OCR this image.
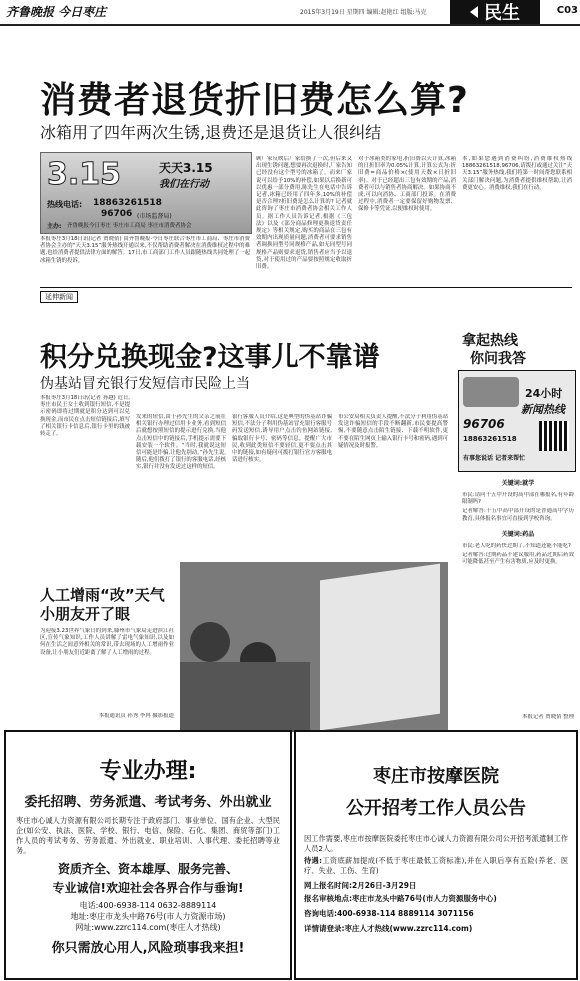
齐鲁晚报 今日枣庄	2015年3月19日 星期四 编辑:赵艳红 组版:马克	民生	C03
消费者退货折旧费怎么算?
冰箱用了四年两次生锈,退费还是退货让人很纠结
3.15	天天3.15
我们在行动
热线电话: 18863261518
96706 (市场监督局)
主办: 齐鲁晚报今日枣庄 枣庄市工商局 枣庄市消费者协会
本报枣庄3月18日讯(记者 贾晓倩) 由齐鲁晚报·今日枣庄联合枣庄市工商局、枣庄市消费者协会主办的“天天3.15”服务热线开通以来,不仅帮助消费者解决在消费维权过程中的难题,也给消费者提供法律方面的解答。17日,市工商部门工作人员跟随热线共同处理了一起冰箱生锈的投诉。
顾厂家反映后厂家给换了一次,但后来又出现生锈问题,想要再次退换时,厂家告知已经没有这个型号的冰箱了。而来厂家说可以给予10%的补偿,如果以后换新可以优惠一部分费用,陈先生在电话中告诉记者,冰箱已经用了四年多,10%的补偿是否合理?折旧费是怎么计算的? 记者就此咨询了枣庄市消费者协会相关工作人员。据工作人员告诉记者,根据《三包法》以及《部分商品修理更换退货责任规定》等相关规定,购买的商品在三包有效期内出现质量问题,消费者可要求销售者调换同型号同规格产品,如无同型号同规格产品则要求退货,销售者应当予以退货,对于使用过的产品要按照规定收取折旧费。
对于冰箱类的家电,折旧费以天计算,冰箱的日折旧率为0.05%计算,计算公式为:折旧费=商品价格×(使用天数×日折旧率)。对于已经超出三包有效期的产品,消费者可以与销售者协商解决。如果协商不成,可以向消协、工商部门投诉。在消费过程中,消费者一定要保留好购物发票、保修卡等凭证,以便维权时使用。
本,如果您遇到消费纠纷,消费维权热线18863261518,96706,请拨打或通过关注“天天3.15”服务热线,我们将第一时间帮您联系相关部门解决问题,为消费者提供维权帮助,让消费更安心。消费维权,我们在行动。
延伸新闻
积分兑换现金?这事儿不靠谱
伪基站冒充银行发短信市民险上当
本报枣庄3月18日讯(记者 孙越) 近日,枣庄市民王女士收到银行短信,不是提示密码即将过期就是积分达到可以兑换现金,而市民在点击短信链接后,填写了相关银行卡信息后,银行卡里的钱被转走了。
发来的短信,由于孙先生的父亲之前在相关银行办理过信用卡业务,看到短信后就想按照短信的提示进行兑换,当他点击短信中的链接后,手机提示需要下载安装一个软件。“当时,我就说这短信可能是诈骗,让他先别动。”孙先生说,随后,他们拨打了银行的客服电话,经核实,银行并没有发送过这样的短信。
银行客服人员介绍,这是典型的伪基站诈骗短信,不法分子利用伪基站冒充银行客服号码发送短信,诱导用户点击钓鱼网站链接,骗取银行卡号、密码等信息。提醒广大市民,收到此类短信不要轻信,更不要点击其中的链接,如有疑问可拨打银行官方客服电话进行核实。
市公安局相关负责人提醒,不法分子利用伪基站发送诈骗短信的手段不断翻新,市民要提高警惕,不要随意点击陌生链接、下载不明软件,更不要在陌生网页上输入银行卡号和密码,遇到可疑情况及时报警。
人工增雨“改”天气
小朋友开了眼
为迎接3.23世界气象日的到来,滕州市气象局走进滨江社区,宣传气象知识,工作人员讲解了雷电气象知识,以及如何在生活之间意外相关的常识,带去现场的人工增雨作业设备,让小朋友们近距离了解了人工增雨的过程。
本报通讯员 孙秀 李冉 摄影报道
拿起热线
你问我答
24小时
新闻热线
96706
18863261518
有事您说话 记者来帮忙
关键词:就学
市民:请问十五中开设的高中部在哪报名,有年龄限制吗?
记者解答:十五中高中部开设的是普通高中学历教育,具体报名事宜可直接到学校咨询。
关键词:药品
市民:老人吃的药快过期了,不知道还能不能吃?
记者解答:过期药品不建议服用,药品过期后药效可能降低甚至产生有害物质,应及时更换。
本报记者 贾晓倩 整理
专业办理:
委托招聘、劳务派遣、考试考务、外出就业
枣庄市心诚人力资源有限公司长期专注于政府部门、事业单位、国有企业、大型民企(如公安、执法、医院、学校、银行、电信、保险、石化、集团、商贸等部门)工作人员的考试考务、劳务派遣、外出就业、职业培训、人事代理、委托招聘等业务。
资质齐全、资本雄厚、服务完善、
专业诚信!欢迎社会各界合作与垂询!
电话:400-6938-114 0632-8889114
地址:枣庄市龙头中路76号(市人力资源市场)
网址:www.zzrc114.com(枣庄人才热线)
你只需放心用人,风险琐事我来担!
枣庄市按摩医院
公开招考工作人员公告
因工作需要,枣庄市按摩医院委托枣庄市心诚人力资源有限公司公开招考派遣制工作人员2人。
待遇:工资底薪加提成(不低于枣庄最低工资标准),并在入职后享有五险(养老、医疗、失业、工伤、生育)
网上报名时间:2月26日-3月29日
报名审核地点:枣庄市龙头中路76号(市人力资源服务中心)
咨询电话:400-6938-114 8889114 3071156
详情请登录:枣庄人才热线(www.zzrc114.com)
